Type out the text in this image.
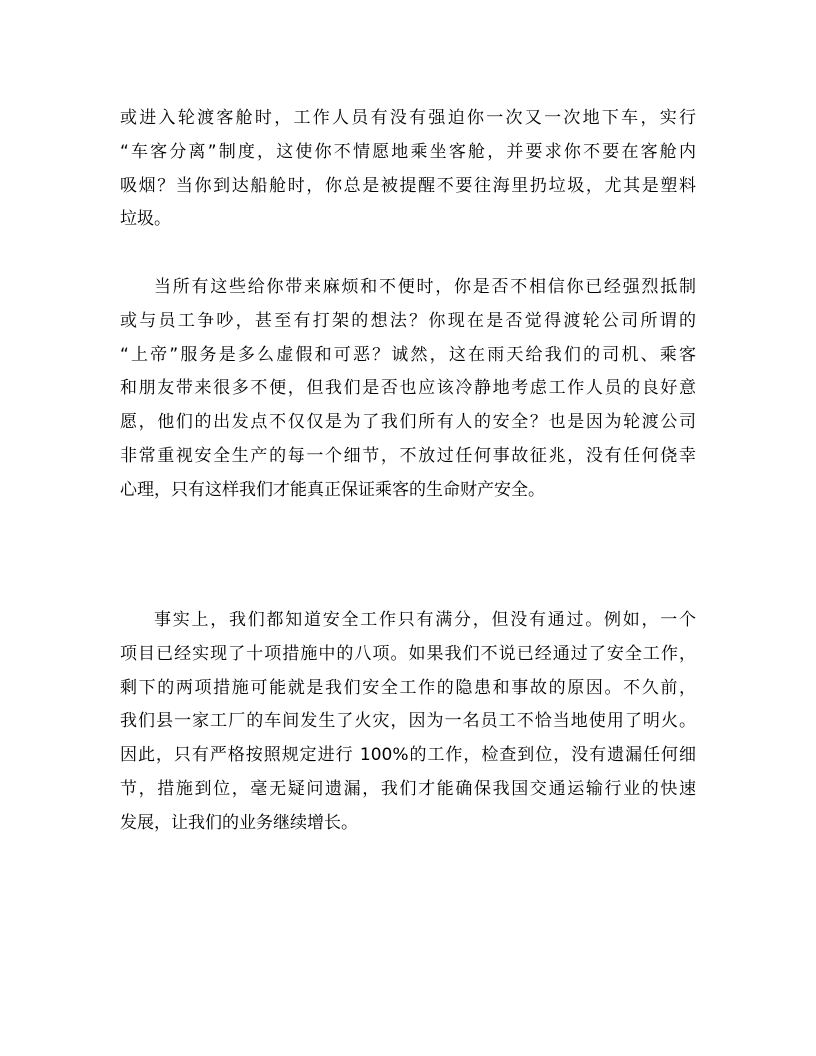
或进入轮渡客舱时，工作人员有没有强迫你一次又一次地下车，实行
“车客分离”制度，这使你不情愿地乘坐客舱，并要求你不要在客舱内
吸烟？当你到达船舱时，你总是被提醒不要往海里扔垃圾，尤其是塑料
垃圾。
当所有这些给你带来麻烦和不便时，你是否不相信你已经强烈抵制
或与员工争吵，甚至有打架的想法？你现在是否觉得渡轮公司所谓的
“上帝”服务是多么虚假和可恶？诚然，这在雨天给我们的司机、乘客
和朋友带来很多不便，但我们是否也应该冷静地考虑工作人员的良好意
愿，他们的出发点不仅仅是为了我们所有人的安全？也是因为轮渡公司
非常重视安全生产的每一个细节，不放过任何事故征兆，没有任何侥幸
心理，只有这样我们才能真正保证乘客的生命财产安全。
事实上，我们都知道安全工作只有满分，但没有通过。例如，一个
项目已经实现了十项措施中的八项。如果我们不说已经通过了安全工作，
剩下的两项措施可能就是我们安全工作的隐患和事故的原因。不久前，
我们县一家工厂的车间发生了火灾，因为一名员工不恰当地使用了明火。
因此，只有严格按照规定进行 100%的工作，检查到位，没有遗漏任何细
节，措施到位，毫无疑问遗漏，我们才能确保我国交通运输行业的快速
发展，让我们的业务继续增长。
